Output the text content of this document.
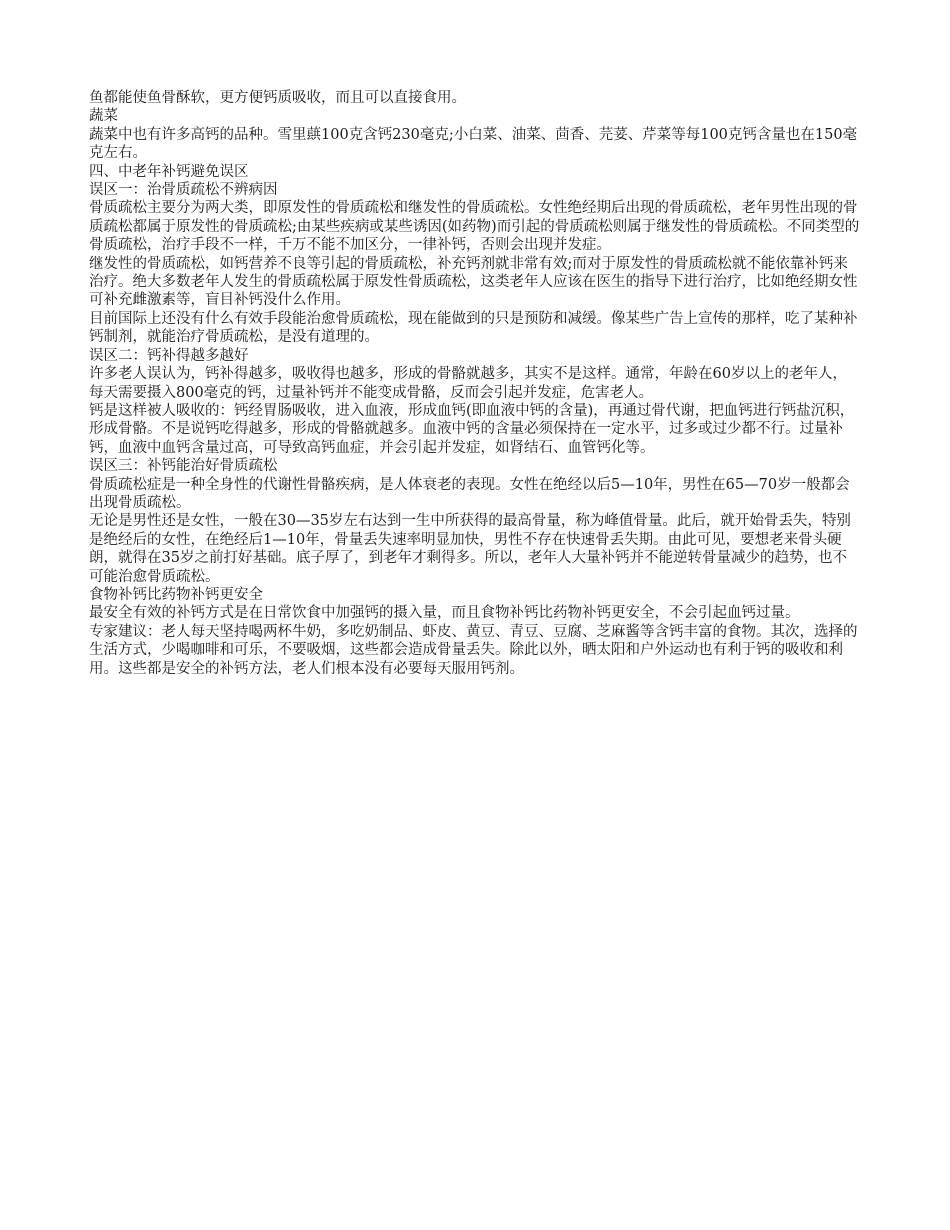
鱼都能使鱼骨酥软，更方便钙质吸收，而且可以直接食用。

蔬菜

蔬菜中也有许多高钙的品种。雪里蕻100克含钙230毫克;小白菜、油菜、茴香、芫荽、芹菜等每100克钙含量也在150毫克左右。

四、中老年补钙避免误区

误区一：治骨质疏松不辨病因

骨质疏松主要分为两大类，即原发性的骨质疏松和继发性的骨质疏松。女性绝经期后出现的骨质疏松，老年男性出现的骨质疏松都属于原发性的骨质疏松;由某些疾病或某些诱因(如药物)而引起的骨质疏松则属于继发性的骨质疏松。不同类型的骨质疏松，治疗手段不一样，千万不能不加区分，一律补钙，否则会出现并发症。

继发性的骨质疏松，如钙营养不良等引起的骨质疏松，补充钙剂就非常有效;而对于原发性的骨质疏松就不能依靠补钙来治疗。绝大多数老年人发生的骨质疏松属于原发性骨质疏松，这类老年人应该在医生的指导下进行治疗，比如绝经期女性可补充雌激素等，盲目补钙没什么作用。

目前国际上还没有什么有效手段能治愈骨质疏松，现在能做到的只是预防和减缓。像某些广告上宣传的那样，吃了某种补钙制剂，就能治疗骨质疏松，是没有道理的。

误区二：钙补得越多越好

许多老人误认为，钙补得越多，吸收得也越多，形成的骨骼就越多，其实不是这样。通常，年龄在60岁以上的老年人，每天需要摄入800毫克的钙，过量补钙并不能变成骨骼，反而会引起并发症，危害老人。

钙是这样被人吸收的：钙经胃肠吸收，进入血液，形成血钙(即血液中钙的含量)，再通过骨代谢，把血钙进行钙盐沉积，形成骨骼。不是说钙吃得越多，形成的骨骼就越多。血液中钙的含量必须保持在一定水平，过多或过少都不行。过量补钙，血液中血钙含量过高，可导致高钙血症，并会引起并发症，如肾结石、血管钙化等。

误区三：补钙能治好骨质疏松

骨质疏松症是一种全身性的代谢性骨骼疾病，是人体衰老的表现。女性在绝经以后5—10年，男性在65—70岁一般都会出现骨质疏松。

无论是男性还是女性，一般在30—35岁左右达到一生中所获得的最高骨量，称为峰值骨量。此后，就开始骨丢失，特别是绝经后的女性，在绝经后1—10年，骨量丢失速率明显加快，男性不存在快速骨丢失期。由此可见，要想老来骨头硬朗，就得在35岁之前打好基础。底子厚了，到老年才剩得多。所以，老年人大量补钙并不能逆转骨量减少的趋势，也不可能治愈骨质疏松。

食物补钙比药物补钙更安全

最安全有效的补钙方式是在日常饮食中加强钙的摄入量，而且食物补钙比药物补钙更安全，不会引起血钙过量。

专家建议：老人每天坚持喝两杯牛奶，多吃奶制品、虾皮、黄豆、青豆、豆腐、芝麻酱等含钙丰富的食物。其次，选择的生活方式，少喝咖啡和可乐，不要吸烟，这些都会造成骨量丢失。除此以外，晒太阳和户外运动也有利于钙的吸收和利用。这些都是安全的补钙方法，老人们根本没有必要每天服用钙剂。
